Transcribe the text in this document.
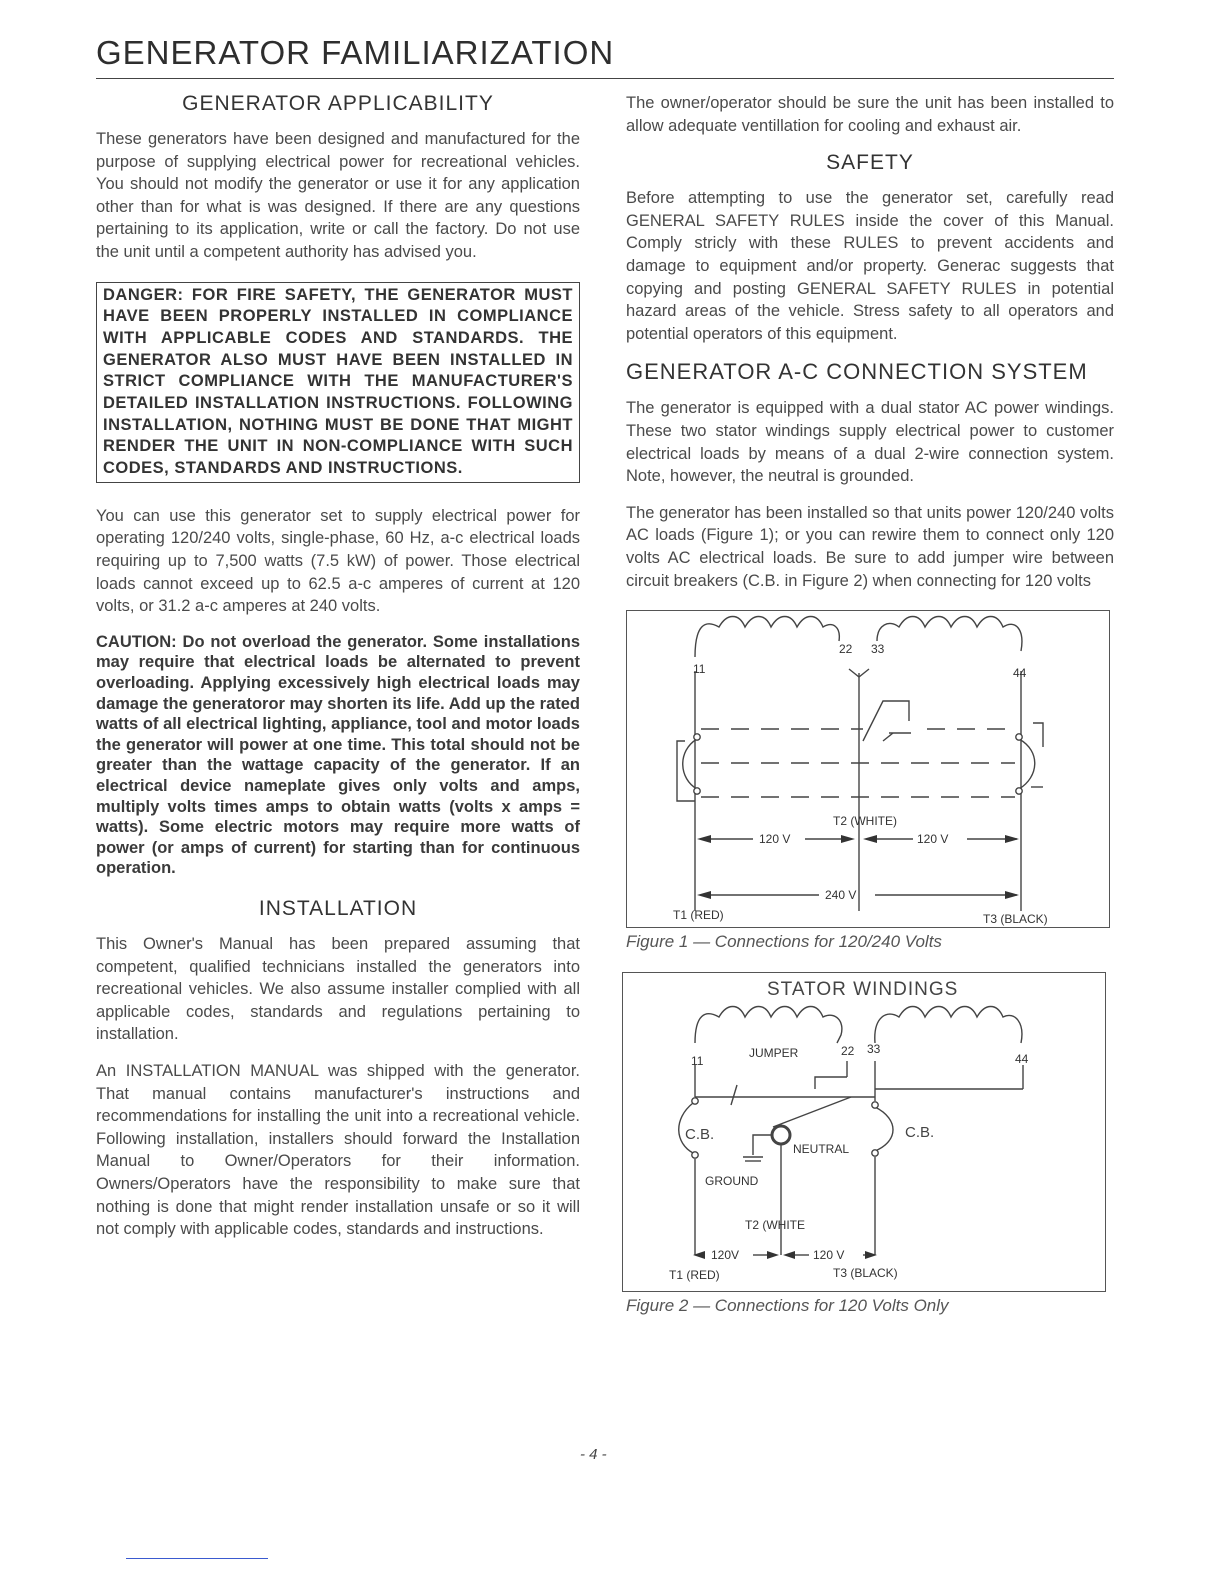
GENERATOR FAMILIARIZATION
GENERATOR APPLICABILITY

These generators have been designed and manufactured for the purpose of supplying electrical power for recreational vehicles. You should not modify the generator or use it for any application other than for what is was designed. If there are any questions pertaining to its application, write or call the factory. Do not use the unit until a competent authority has advised you.

DANGER: FOR FIRE SAFETY, THE GENERATOR MUST HAVE BEEN PROPERLY INSTALLED IN COMPLIANCE WITH APPLICABLE CODES AND STANDARDS. THE GENERATOR ALSO MUST HAVE BEEN INSTALLED IN STRICT COMPLIANCE WITH THE MANUFACTURER'S DETAILED INSTALLATION INSTRUCTIONS. FOLLOWING INSTALLATION, NOTHING MUST BE DONE THAT MIGHT RENDER THE UNIT IN NON-COMPLIANCE WITH SUCH CODES, STANDARDS AND INSTRUCTIONS.

You can use this generator set to supply electrical power for operating 120/240 volts, single-phase, 60 Hz, a-c electrical loads requiring up to 7,500 watts (7.5 kW) of power. Those electrical loads cannot exceed up to 62.5 a-c amperes of current at 120 volts, or 31.2 a-c amperes at 240 volts.

CAUTION: Do not overload the generator. Some installations may require that electrical loads be alternated to prevent overloading. Applying excessively high electrical loads may damage the generatoror may shorten its life. Add up the rated watts of all electrical lighting, appliance, tool and motor loads the generator will power at one time. This total should not be greater than the wattage capacity of the generator. If an electrical device nameplate gives only volts and amps, multiply volts times amps to obtain watts (volts x amps = watts). Some electric motors may require more watts of power (or amps of current) for starting than for continuous operation.
INSTALLATION

This Owner's Manual has been prepared assuming that competent, qualified technicians installed the generators into recreational vehicles. We also assume installer complied with all applicable codes, standards and regulations pertaining to installation.

An INSTALLATION MANUAL was shipped with the generator. That manual contains manufacturer's instructions and recommendations for installing the unit into a recreational vehicle. Following installation, installers should forward the Installation Manual to Owner/Operators for their information. Owners/Operators have the responsibility to make sure that nothing is done that might render installation unsafe or so it will not comply with applicable codes, standards and instructions.

The owner/operator should be sure the unit has been installed to allow adequate ventillation for cooling and exhaust air.

SAFETY

Before attempting to use the generator set, carefully read GENERAL SAFETY RULES inside the cover of this Manual. Comply stricly with these RULES to prevent accidents and damage to equipment and/or property. Generac suggests that copying and posting GENERAL SAFETY RULES in potential hazard areas of the vehicle. Stress safety to all operators and potential operators of this equipment.

GENERATOR A-C CONNECTION SYSTEM

The generator is equipped with a dual stator AC power windings. These two stator windings supply electrical power to customer electrical loads by means of a dual 2-wire connection system. Note, however, the neutral is grounded.

The generator has been installed so that units power 120/240 volts AC loads (Figure 1); or you can rewire them to connect only 120 volts AC electrical loads. Be sure to add jumper wire between circuit breakers (C.B. in Figure 2) when connecting for 120 volts

11
22 33
44
T2 (WHITE)
120 V	120 V
240 V
T1 (RED)	T3 (BLACK)
Figure 1 — Connections for 120/240 Volts
STATOR WINDINGS
11
JUMPER	22 33
44
C.B.	C.B.
NEUTRAL
GROUND
T2 (WHITE
120V	120 V
T1 (RED)	T3 (BLACK)
Figure 2 — Connections for 120 Volts Only
- 4 -
